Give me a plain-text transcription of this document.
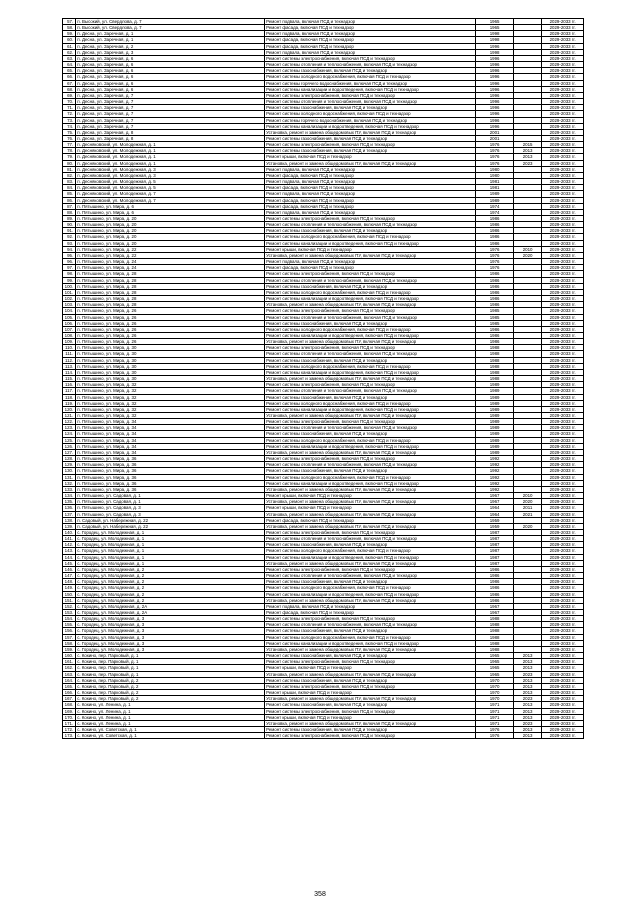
57.	п. Высокий, ул. Свердлова, д. 7	Ремонт подвала, включая ПСД и технадзор	1965		2029-2033 гг.
58.	п. Высокий, ул. Свердлова, д. 7	Ремонт фасада, включая ПСД и технадзор	1965		2029-2033 гг.
59.	п. Десна, ул. Заречная, д. 1	Ремонт подвала, включая ПСД и технадзор	1998		2029-2033 гг.
60.	п. Десна, ул. Заречная, д. 1	Ремонт фасада, включая ПСД и технадзор	1998		2029-2033 гг.
61.	п. Десна, ул. Заречная, д. 2	Ремонт фасада, включая ПСД и технадзор	1996		2029-2033 гг.
62.	п. Десна, ул. Заречная, д. 3	Ремонт подвала, включая ПСД и технадзор	1998		2029-2033 гг.
63.	п. Десна, ул. Заречная, д. 6	Ремонт системы электроснабжения, включая ПСД и технадзор	1996		2029-2033 гг.
64.	п. Десна, ул. Заречная, д. 6	Ремонт системы отопления и теплоснабжения, включая ПСД и технадзор	1996		2029-2033 гг.
65.	п. Десна, ул. Заречная, д. 6	Ремонт системы газоснабжения, включая ПСД и технадзор	1996		2029-2033 гг.
66.	п. Десна, ул. Заречная, д. 6	Ремонт системы холодного водоснабжения, включая ПСД и технадзор	1996		2029-2033 гг.
67.	п. Десна, ул. Заречная, д. 6	Ремонт системы горячего водоснабжения, включая ПСД и технадзор	1996		2029-2033 гг.
68.	п. Десна, ул. Заречная, д. 6	Ремонт системы канализации и водоотведения, включая ПСД и технадзор	1996		2029-2033 гг.
69.	п. Десна, ул. Заречная, д. 7	Ремонт системы электроснабжения, включая ПСД и технадзор	1996		2029-2033 гг.
70.	п. Десна, ул. Заречная, д. 7	Ремонт системы отопления и теплоснабжения, включая ПСД и технадзор	1996		2029-2033 гг.
71.	п. Десна, ул. Заречная, д. 7	Ремонт системы газоснабжения, включая ПСД и технадзор	1996		2029-2033 гг.
72.	п. Десна, ул. Заречная, д. 7	Ремонт системы холодного водоснабжения, включая ПСД и технадзор	1996		2029-2033 гг.
73.	п. Десна, ул. Заречная, д. 7	Ремонт системы горячего водоснабжения, включая ПСД и технадзор	1996		2029-2033 гг.
74.	п. Десна, ул. Заречная, д. 7	Ремонт системы канализации и водоотведения, включая ПСД и технадзор	1996		2029-2033 гг.
75.	п. Десна, ул. Заречная, д. 8	Установка, ремонт и замена общедомовых ПУ, включая ПСД и технадзор	2001		2029-2033 гг.
76.	п. Десна, ул. Заречная, д. 8	Ремонт системы газоснабжения, включая ПСД и технадзор	2001		2029-2033 гг.
77.	п. Десняковский, ул. Молодежная, д. 1	Ремонт системы электроснабжения, включая ПСД и технадзор	1976	2015	2029-2033 гг.
78.	п. Десняковский, ул. Молодежная, д. 1	Ремонт системы газоснабжения, включая ПСД и технадзор	1976	2013	2029-2033 гг.
79.	п. Десняковский, ул. Молодежная, д. 1	Ремонт крыши, включая ПСД и технадзор	1976	2013	2029-2033 гг.
80.	п. Десняковский, ул. Молодежная, д. 1	Установка, ремонт и замена общедомовых ПУ, включая ПСД и технадзор	1976	2023	2029-2033 гг.
81.	п. Десняковский, ул. Молодежная, д. 3	Ремонт подвала, включая ПСД и технадзор	1980		2029-2033 гг.
82.	п. Десняковский, ул. Молодежная, д. 3	Ремонт фасада, включая ПСД и технадзор	1980		2029-2033 гг.
83.	п. Десняковский, ул. Молодежная, д. 5	Ремонт подвала, включая ПСД и технадзор	1981		2029-2033 гг.
84.	п. Десняковский, ул. Молодежная, д. 5	Ремонт фасада, включая ПСД и технадзор	1981		2029-2033 гг.
85.	п. Десняковский, ул. Молодежная, д. 7	Ремонт подвала, включая ПСД и технадзор	1989		2029-2033 гг.
86.	п. Десняковский, ул. Молодежная, д. 7	Ремонт фасада, включая ПСД и технадзор	1989		2029-2033 гг.
87.	п. Пятышино, ул. Мира, д. 6	Ремонт фасада, включая ПСД и технадзор	1974		2029-2033 гг.
88.	п. Пятышино, ул. Мира, д. 6	Ремонт подвала, включая ПСД и технадзор	1974		2029-2033 гг.
89.	п. Пятышино, ул. Мира, д. 20	Ремонт системы электроснабжения, включая ПСД и технадзор	1986		2029-2033 гг.
90.	п. Пятышино, ул. Мира, д. 20	Ремонт системы отопления и теплоснабжения, включая ПСД и технадзор	1986		2029-2033 гг.
91.	п. Пятышино, ул. Мира, д. 20	Ремонт системы газоснабжения, включая ПСД и технадзор	1986		2029-2033 гг.
92.	п. Пятышино, ул. Мира, д. 20	Ремонт системы холодного водоснабжения, включая ПСД и технадзор	1986		2029-2033 гг.
93.	п. Пятышино, ул. Мира, д. 20	Ремонт системы канализации и водоотведения, включая ПСД и технадзор	1986		2029-2033 гг.
94.	п. Пятышино, ул. Мира, д. 22	Ремонт крыши, включая ПСД и технадзор	1976	2010	2029-2033 гг.
95.	п. Пятышино, ул. Мира, д. 22	Установка, ремонт и замена общедомовых ПУ, включая ПСД и технадзор	1976	2020	2029-2033 гг.
96.	п. Пятышино, ул. Мира, д. 24	Ремонт подвала, включая ПСД и технадзор	1976		2029-2033 гг.
97.	п. Пятышино, ул. Мира, д. 24	Ремонт фасада, включая ПСД и технадзор	1976		2029-2033 гг.
98.	п. Пятышино, ул. Мира, д. 28	Ремонт системы электроснабжения, включая ПСД и технадзор	1986		2029-2033 гг.
99.	п. Пятышино, ул. Мира, д. 28	Ремонт системы отопления и теплоснабжения, включая ПСД и технадзор	1986		2029-2033 гг.
100.	п. Пятышино, ул. Мира, д. 28	Ремонт системы газоснабжения, включая ПСД и технадзор	1986		2029-2033 гг.
101.	п. Пятышино, ул. Мира, д. 28	Ремонт системы холодного водоснабжения, включая ПСД и технадзор	1986		2029-2033 гг.
102.	п. Пятышино, ул. Мира, д. 28	Ремонт системы канализации и водоотведения, включая ПСД и технадзор	1986		2029-2033 гг.
103.	п. Пятышино, ул. Мира, д. 28	Установка, ремонт и замена общедомовых ПУ, включая ПСД и технадзор	1986		2029-2033 гг.
104.	п. Пятышино, ул. Мира, д. 26	Ремонт системы электроснабжения, включая ПСД и технадзор	1985		2029-2033 гг.
105.	п. Пятышино, ул. Мира, д. 26	Ремонт системы отопления и теплоснабжения, включая ПСД и технадзор	1985		2029-2033 гг.
106.	п. Пятышино, ул. Мира, д. 26	Ремонт системы газоснабжения, включая ПСД и технадзор	1985		2029-2033 гг.
107.	п. Пятышино, ул. Мира, д. 26	Ремонт системы холодного водоснабжения, включая ПСД и технадзор	1986		2029-2033 гг.
108.	п. Пятышино, ул. Мира, д. 26	Ремонт системы канализации и водоотведения, включая ПСД и технадзор	1986		2029-2033 гг.
109.	п. Пятышино, ул. Мира, д. 26	Установка, ремонт и замена общедомовых ПУ, включая ПСД и технадзор	1986		2029-2033 гг.
110.	п. Пятышино, ул. Мира, д. 30	Ремонт системы электроснабжения, включая ПСД и технадзор	1988		2029-2033 гг.
111.	п. Пятышино, ул. Мира, д. 30	Ремонт системы отопления и теплоснабжения, включая ПСД и технадзор	1988		2029-2033 гг.
112.	п. Пятышино, ул. Мира, д. 30	Ремонт системы газоснабжения, включая ПСД и технадзор	1988		2029-2033 гг.
113.	п. Пятышино, ул. Мира, д. 30	Ремонт системы холодного водоснабжения, включая ПСД и технадзор	1988		2029-2033 гг.
114.	п. Пятышино, ул. Мира, д. 30	Ремонт системы канализации и водоотведения, включая ПСД и технадзор	1988		2029-2033 гг.
115.	п. Пятышино, ул. Мира, д. 30	Установка, ремонт и замена общедомовых ПУ, включая ПСД и технадзор	1988		2029-2033 гг.
116.	п. Пятышино, ул. Мира, д. 32	Ремонт системы электроснабжения, включая ПСД и технадзор	1989		2029-2033 гг.
117.	п. Пятышино, ул. Мира, д. 32	Ремонт системы отопления и теплоснабжения, включая ПСД и технадзор	1989		2029-2033 гг.
118.	п. Пятышино, ул. Мира, д. 32	Ремонт системы газоснабжения, включая ПСД и технадзор	1989		2029-2033 гг.
119.	п. Пятышино, ул. Мира, д. 32	Ремонт системы холодного водоснабжения, включая ПСД и технадзор	1989		2029-2033 гг.
120.	п. Пятышино, ул. Мира, д. 32	Ремонт системы канализации и водоотведения, включая ПСД и технадзор	1989		2029-2033 гг.
121.	п. Пятышино, ул. Мира, д. 32	Установка, ремонт и замена общедомовых ПУ, включая ПСД и технадзор	1989		2029-2033 гг.
122.	п. Пятышино, ул. Мира, д. 34	Ремонт системы электроснабжения, включая ПСД и технадзор	1989		2029-2033 гг.
123.	п. Пятышино, ул. Мира, д. 34	Ремонт системы отопления и теплоснабжения, включая ПСД и технадзор	1989		2029-2033 гг.
124.	п. Пятышино, ул. Мира, д. 34	Ремонт системы газоснабжения, включая ПСД и технадзор	1989		2029-2033 гг.
125.	п. Пятышино, ул. Мира, д. 34	Ремонт системы холодного водоснабжения, включая ПСД и технадзор	1989		2029-2033 гг.
126.	п. Пятышино, ул. Мира, д. 34	Ремонт системы канализации и водоотведения, включая ПСД и технадзор	1989		2029-2033 гг.
127.	п. Пятышино, ул. Мира, д. 34	Установка, ремонт и замена общедомовых ПУ, включая ПСД и технадзор	1989		2029-2033 гг.
128.	п. Пятышино, ул. Мира, д. 36	Ремонт системы электроснабжения, включая ПСД и технадзор	1992		2029-2033 гг.
129.	п. Пятышино, ул. Мира, д. 36	Ремонт системы отопления и теплоснабжения, включая ПСД и технадзор	1992		2029-2033 гг.
130.	п. Пятышино, ул. Мира, д. 36	Ремонт системы газоснабжения, включая ПСД и технадзор	1992		2029-2033 гг.
131.	п. Пятышино, ул. Мира, д. 36	Ремонт системы холодного водоснабжения, включая ПСД и технадзор	1992		2029-2033 гг.
132.	п. Пятышино, ул. Мира, д. 36	Ремонт системы канализации и водоотведения, включая ПСД и технадзор	1992		2029-2033 гг.
133.	п. Пятышино, ул. Мира, д. 36	Установка, ремонт и замена общедомовых ПУ, включая ПСД и технадзор	1992		2029-2033 гг.
134.	п. Пятышино, ул. Садовая, д. 1	Ремонт крыши, включая ПСД и технадзор	1967	2010	2029-2033 гг.
135.	п. Пятышино, ул. Садовая, д. 1	Установка, ремонт и замена общедомовых ПУ, включая ПСД и технадзор	1967	2020	2029-2033 гг.
136.	п. Пятышино, ул. Садовая, д. 3	Ремонт крыши, включая ПСД и технадзор	1964	2011	2029-2033 гг.
137.	п. Пятышино, ул. Садовая, д. 3	Установка, ремонт и замена общедомовых ПУ, включая ПСД и технадзор	1964	2021	2029-2033 гг.
138.	п. Садовый, ул. Набережная, д. 22	Ремонт фасада, включая ПСД и технадзор	1959		2029-2033 гг.
139.	п. Садовый, ул. Набережная, д. 22	Установка, ремонт и замена общедомовых ПУ, включая ПСД и технадзор	1959	2020	2029-2033 гг.
140.	с. Городец, ул. Молодежная, д. 1	Ремонт системы электроснабжения, включая ПСД и технадзор	1987		2029-2033 гг.
141.	с. Городец, ул. Молодежная, д. 1	Ремонт системы отопления и теплоснабжения, включая ПСД и технадзор	1987		2029-2033 гг.
142.	с. Городец, ул. Молодежная, д. 1	Ремонт системы газоснабжения, включая ПСД и технадзор	1987		2029-2033 гг.
143.	с. Городец, ул. Молодежная, д. 1	Ремонт системы холодного водоснабжения, включая ПСД и технадзор	1987		2029-2033 гг.
144.	с. Городец, ул. Молодежная, д. 1	Ремонт системы канализации и водоотведения, включая ПСД и технадзор	1987		2029-2033 гг.
145.	с. Городец, ул. Молодежная, д. 1	Установка, ремонт и замена общедомовых ПУ, включая ПСД и технадзор	1987		2029-2033 гг.
146.	с. Городец, ул. Молодежная, д. 2	Ремонт системы электроснабжения, включая ПСД и технадзор	1986		2029-2033 гг.
147.	с. Городец, ул. Молодежная, д. 2	Ремонт системы отопления и теплоснабжения, включая ПСД и технадзор	1986		2029-2033 гг.
148.	с. Городец, ул. Молодежная, д. 2	Ремонт системы газоснабжения, включая ПСД и технадзор	1986		2029-2033 гг.
149.	с. Городец, ул. Молодежная, д. 2	Ремонт системы холодного водоснабжения, включая ПСД и технадзор	1986		2029-2033 гг.
150.	с. Городец, ул. Молодежная, д. 2	Ремонт системы канализации и водоотведения, включая ПСД и технадзор	1986		2029-2033 гг.
151.	с. Городец, ул. Молодежная, д. 2	Установка, ремонт и замена общедомовых ПУ, включая ПСД и технадзор	1986		2029-2033 гг.
152.	с. Городец, ул. Молодежная, д. 2А	Ремонт подвала, включая ПСД и технадзор	1967		2029-2033 гг.
153.	с. Городец, ул. Молодежная, д. 2А	Ремонт фасада, включая ПСД и технадзор	1967		2029-2033 гг.
154.	с. Городец, ул. Молодежная, д. 3	Ремонт системы электроснабжения, включая ПСД и технадзор	1988		2029-2033 гг.
155.	с. Городец, ул. Молодежная, д. 3	Ремонт системы отопления и теплоснабжения, включая ПСД и технадзор	1988		2029-2033 гг.
156.	с. Городец, ул. Молодежная, д. 3	Ремонт системы газоснабжения, включая ПСД и технадзор	1988		2029-2033 гг.
157.	с. Городец, ул. Молодежная, д. 3	Ремонт системы холодного водоснабжения, включая ПСД и технадзор	1988		2029-2033 гг.
158.	с. Городец, ул. Молодежная, д. 3	Ремонт системы канализации и водоотведения, включая ПСД и технадзор	1988		2029-2033 гг.
159.	с. Городец, ул. Молодежная, д. 3	Установка, ремонт и замена общедомовых ПУ, включая ПСД и технадзор	1988		2029-2033 гг.
160.	с. Кокино, пер. Парковый, д. 1	Ремонт системы газоснабжения, включая ПСД и технадзор	1965	2013	2029-2033 гг.
161.	с. Кокино, пер. Парковый, д. 1	Ремонт системы электроснабжения, включая ПСД и технадзор	1965	2013	2029-2033 гг.
162.	с. Кокино, пер. Парковый, д. 1	Ремонт крыши, включая ПСД и технадзор	1965	2013	2029-2033 гг.
163.	с. Кокино, пер. Парковый, д. 1	Установка, ремонт и замена общедомовых ПУ, включая ПСД и технадзор	1965	2023	2029-2033 гг.
164.	с. Кокино, пер. Парковый, д. 2	Ремонт системы газоснабжения, включая ПСД и технадзор	1970	2013	2029-2033 гг.
165.	с. Кокино, пер. Парковый, д. 2	Ремонт системы электроснабжения, включая ПСД и технадзор	1970	2013	2029-2033 гг.
166.	с. Кокино, пер. Парковый, д. 2	Ремонт крыши, включая ПСД и технадзор	1970	2013	2029-2033 гг.
167.	с. Кокино, пер. Парковый, д. 2	Установка, ремонт и замена общедомовых ПУ, включая ПСД и технадзор	1970	2023	2029-2033 гг.
168.	с. Кокино, ул. Ленина, д. 1	Ремонт системы газоснабжения, включая ПСД и технадзор	1971	2013	2029-2033 гг.
169.	с. Кокино, ул. Ленина, д. 1	Ремонт системы электроснабжения, включая ПСД и технадзор	1971	2013	2029-2033 гг.
170.	с. Кокино, ул. Ленина, д. 1	Ремонт крыши, включая ПСД и технадзор	1971	2013	2029-2033 гг.
171.	с. Кокино, ул. Ленина, д. 1	Установка, ремонт и замена общедомовых ПУ, включая ПСД и технадзор	1971	2023	2029-2033 гг.
172.	с. Кокино, ул. Советская, д. 1	Ремонт системы газоснабжения, включая ПСД и технадзор	1976	2013	2029-2033 гг.
173.	с. Кокино, ул. Советская, д. 1	Ремонт системы электроснабжения, включая ПСД и технадзор	1976	2013	2029-2033 гг.
358
